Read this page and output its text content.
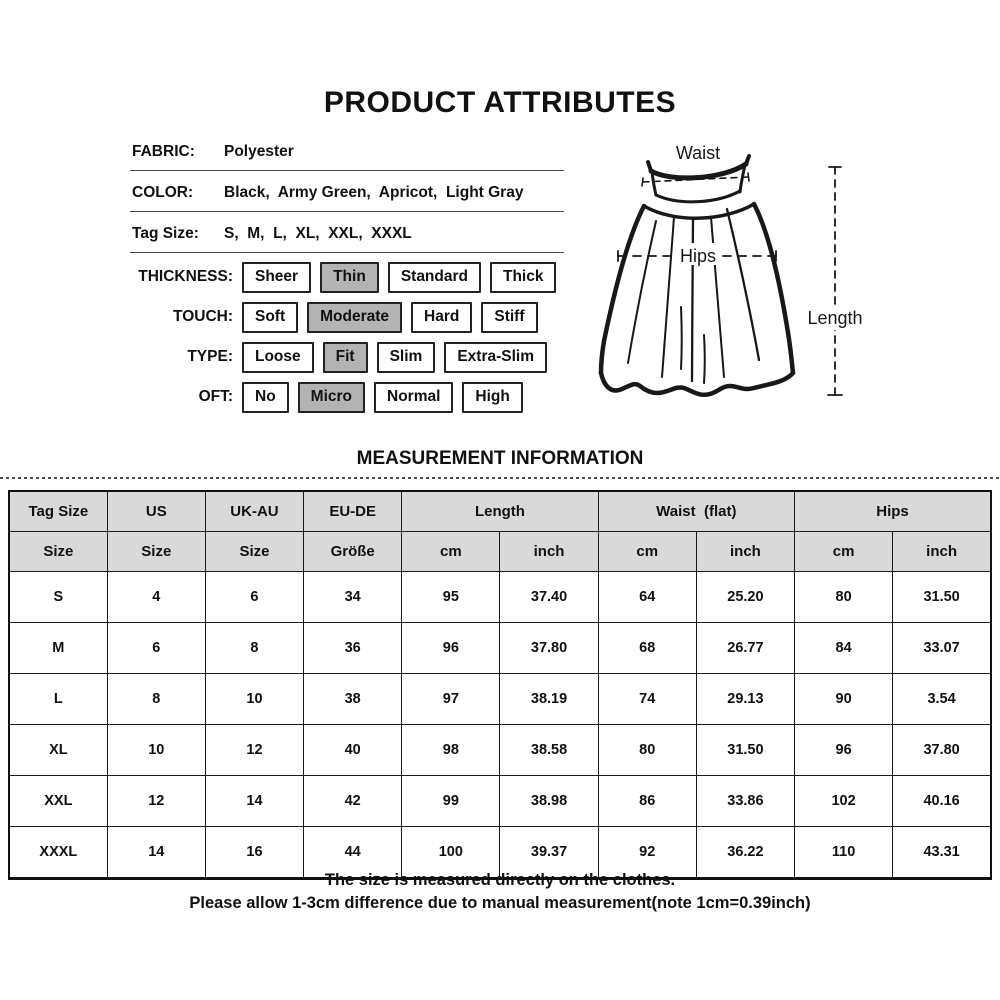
PRODUCT ATTRIBUTES
FABRIC:	Polyester
COLOR:	Black,  Army Green,  Apricot,  Light Gray
Tag Size:	S,  M,  L,  XL,  XXL,  XXXL
THICKNESS:	Sheer	Thin	Standard	Thick
TOUCH:	Soft	Moderate	Hard	Stiff
TYPE:	Loose	Fit	Slim	Extra-Slim
OFT:	No	Micro	Normal	High
Waist
Hips
Length
MEASUREMENT INFORMATION
Tag Size	US	UK-AU	EU-DE	Length		Waist  (flat)		Hips	
Size	Size	Size	Größe	cm	inch	cm	inch	cm	inch
S	4	6	34	95	37.40	64	25.20	80	31.50
M	6	8	36	96	37.80	68	26.77	84	33.07
L	8	10	38	97	38.19	74	29.13	90	3.54
XL	10	12	40	98	38.58	80	31.50	96	37.80
XXL	12	14	42	99	38.98	86	33.86	102	40.16
XXXL	14	16	44	100	39.37	92	36.22	110	43.31

The size is measured directly on the clothes.

Please allow 1-3cm difference due to manual measurement(note 1cm=0.39inch)
